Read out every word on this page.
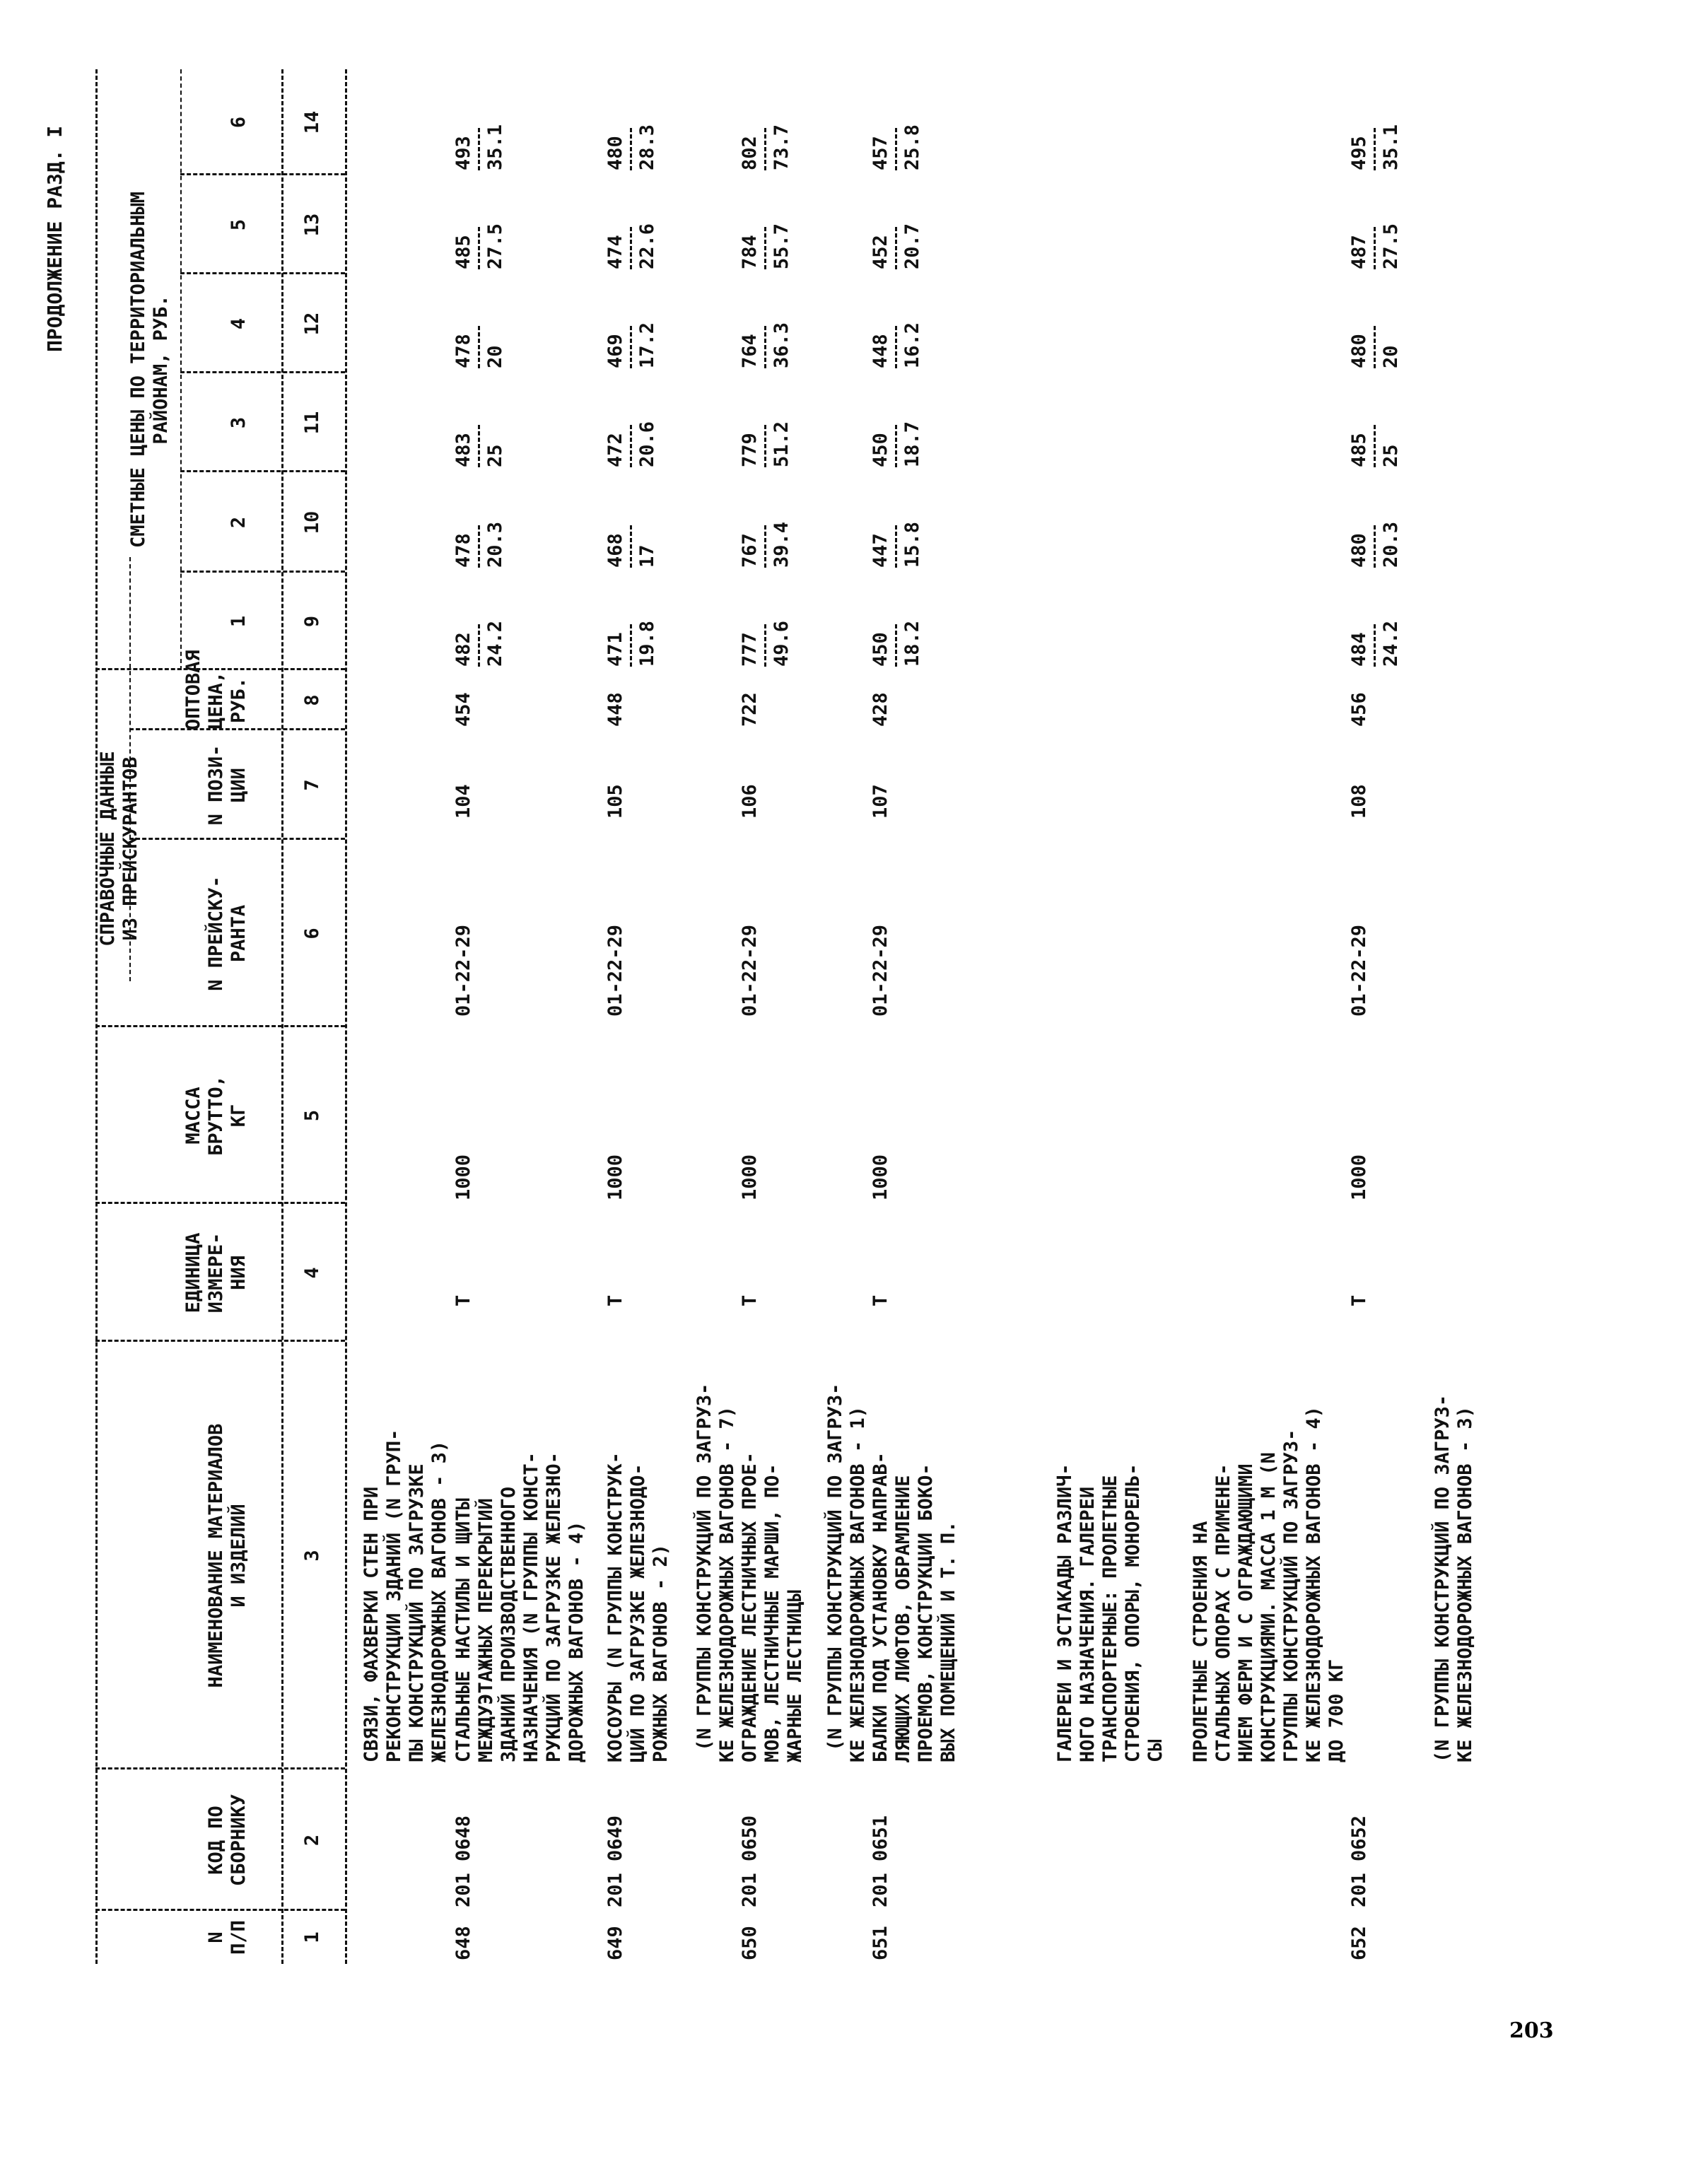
ПРОДОЛЖЕНИЕ РАЗД. I
N
П/П
КОД ПО
СБОРНИКУ
НАИМЕНОВАНИЕ МАТЕРИАЛОВ
И ИЗДЕЛИЙ
ЕДИНИЦА
ИЗМЕРЕ-
НИЯ
МАССА
БРУТТО,
КГ
СПРАВОЧНЫЕ ДАННЫЕ
ИЗ ПРЕЙСКУРАНТОВ
N ПРЕЙСКУ-
РАНТА
N ПОЗИ-
ЦИИ
ОПТОВАЯ
ЦЕНА,
РУБ.
СМЕТНЫЕ ЦЕНЫ ПО ТЕРРИТОРИАЛЬНЫМ
РАЙОНАМ, РУБ.
1
2
3
4
5
6
1
2
3
4
5
6
7
8
9
10
11
12
13
14
СВЯЗИ, ФАХВЕРКИ СТЕН ПРИ
РЕКОНСТРУКЦИИ ЗДАНИЙ (N ГРУП-
ПЫ КОНСТРУКЦИЙ ПО ЗАГРУЗКЕ
ЖЕЛЕЗНОДОРОЖНЫХ ВАГОНОВ - 3)
648
201 0648
СТАЛЬНЫЕ НАСТИЛЫ И ЩИТЫ
МЕЖДУЭТАЖНЫХ ПЕРЕКРЫТИЙ
ЗДАНИЙ ПРОИЗВОДСТВЕННОГО
НАЗНАЧЕНИЯ (N ГРУППЫ КОНСТ-
РУКЦИЙ ПО ЗАГРУЗКЕ ЖЕЛЕЗНО-
ДОРОЖНЫХ ВАГОНОВ - 4)
Т
1000
01-22-29
104
454
482 24.2
478 20.3
483 25
478 20
485 27.5
493 35.1
649
201 0649
КОСОУРЫ (N ГРУППЫ КОНСТРУК-
ЦИЙ ПО ЗАГРУЗКЕ ЖЕЛЕЗНОДО-
РОЖНЫХ ВАГОНОВ - 2)
Т
1000
01-22-29
105
448
471 19.8
468 17
472 20.6
469 17.2
474 22.6
480 28.3
650
201 0650
(N ГРУППЫ КОНСТРУКЦИЙ ПО ЗАГРУЗ-
КЕ ЖЕЛЕЗНОДОРОЖНЫХ ВАГОНОВ - 7)
ОГРАЖДЕНИЕ ЛЕСТНИЧНЫХ ПРОЕ-
МОВ, ЛЕСТНИЧНЫЕ МАРШИ, ПО-
ЖАРНЫЕ ЛЕСТНИЦЫ
Т
1000
01-22-29
106
722
777 49.6
767 39.4
779 51.2
764 36.3
784 55.7
802 73.7
651
201 0651
(N ГРУППЫ КОНСТРУКЦИЙ ПО ЗАГРУЗ-
КЕ ЖЕЛЕЗНОДОРОЖНЫХ ВАГОНОВ - 1)
БАЛКИ ПОД УСТАНОВКУ НАПРАВ-
ЛЯЮЩИХ ЛИФТОВ, ОБРАМЛЕНИЕ
ПРОЕМОВ, КОНСТРУКЦИИ БОКО-
ВЫХ ПОМЕЩЕНИЙ И Т. П.
Т
1000
01-22-29
107
428
450 18.2
447 15.8
450 18.7
448 16.2
452 20.7
457 25.8
652
201 0652
ГАЛЕРЕИ И ЭСТАКАДЫ РАЗЛИЧ-
НОГО НАЗНАЧЕНИЯ. ГАЛЕРЕИ
ТРАНСПОРТЕРНЫЕ: ПРОЛЕТНЫЕ
СТРОЕНИЯ, ОПОРЫ, МОНОРЕЛЬ-
СЫ

ПРОЛЕТНЫЕ СТРОЕНИЯ НА
СТАЛЬНЫХ ОПОРАХ С ПРИМЕНЕ-
НИЕМ ФЕРМ И С ОГРАЖДАЮЩИМИ
КОНСТРУКЦИЯМИ. МАССА 1 М (N
ГРУППЫ КОНСТРУКЦИЙ ПО ЗАГРУЗ-
КЕ ЖЕЛЕЗНОДОРОЖНЫХ ВАГОНОВ - 4)
ДО 700 КГ
Т
1000
01-22-29
108
456
484 24.2
480 20.3
485 25
480 20
487 27.5
495 35.1
(N ГРУППЫ КОНСТРУКЦИЙ ПО ЗАГРУЗ-
КЕ ЖЕЛЕЗНОДОРОЖНЫХ ВАГОНОВ - 3)
203
